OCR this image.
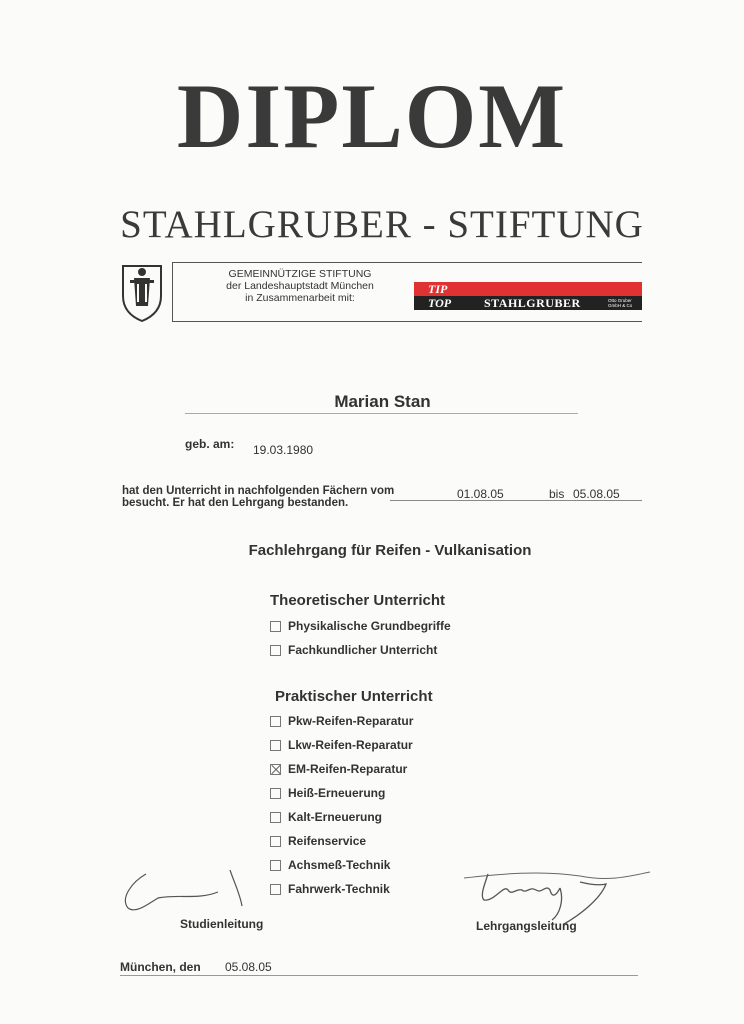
DIPLOM
STAHLGRUBER - STIFTUNG
GEMEINNÜTZIGE STIFTUNG
der Landeshauptstadt München
in Zusammenarbeit mit:
TIP
TOP	STAHLGRUBER	Otto Gruber
GmbH & Co
Marian Stan
geb. am: 19.03.1980
hat den Unterricht in nachfolgenden Fächern vom	01.08.05	bis 05.08.05
besucht. Er hat den Lehrgang bestanden.
Fachlehrgang für Reifen - Vulkanisation
Theoretischer Unterricht
Physikalische Grundbegriffe
Fachkundlicher Unterricht
Praktischer Unterricht
Pkw-Reifen-Reparatur
Lkw-Reifen-Reparatur
EM-Reifen-Reparatur
Heiß-Erneuerung
Kalt-Erneuerung
Reifenservice
Achsmeß-Technik
Fahrwerk-Technik
Studienleitung	Lehrgangsleitung
München, den 05.08.05
